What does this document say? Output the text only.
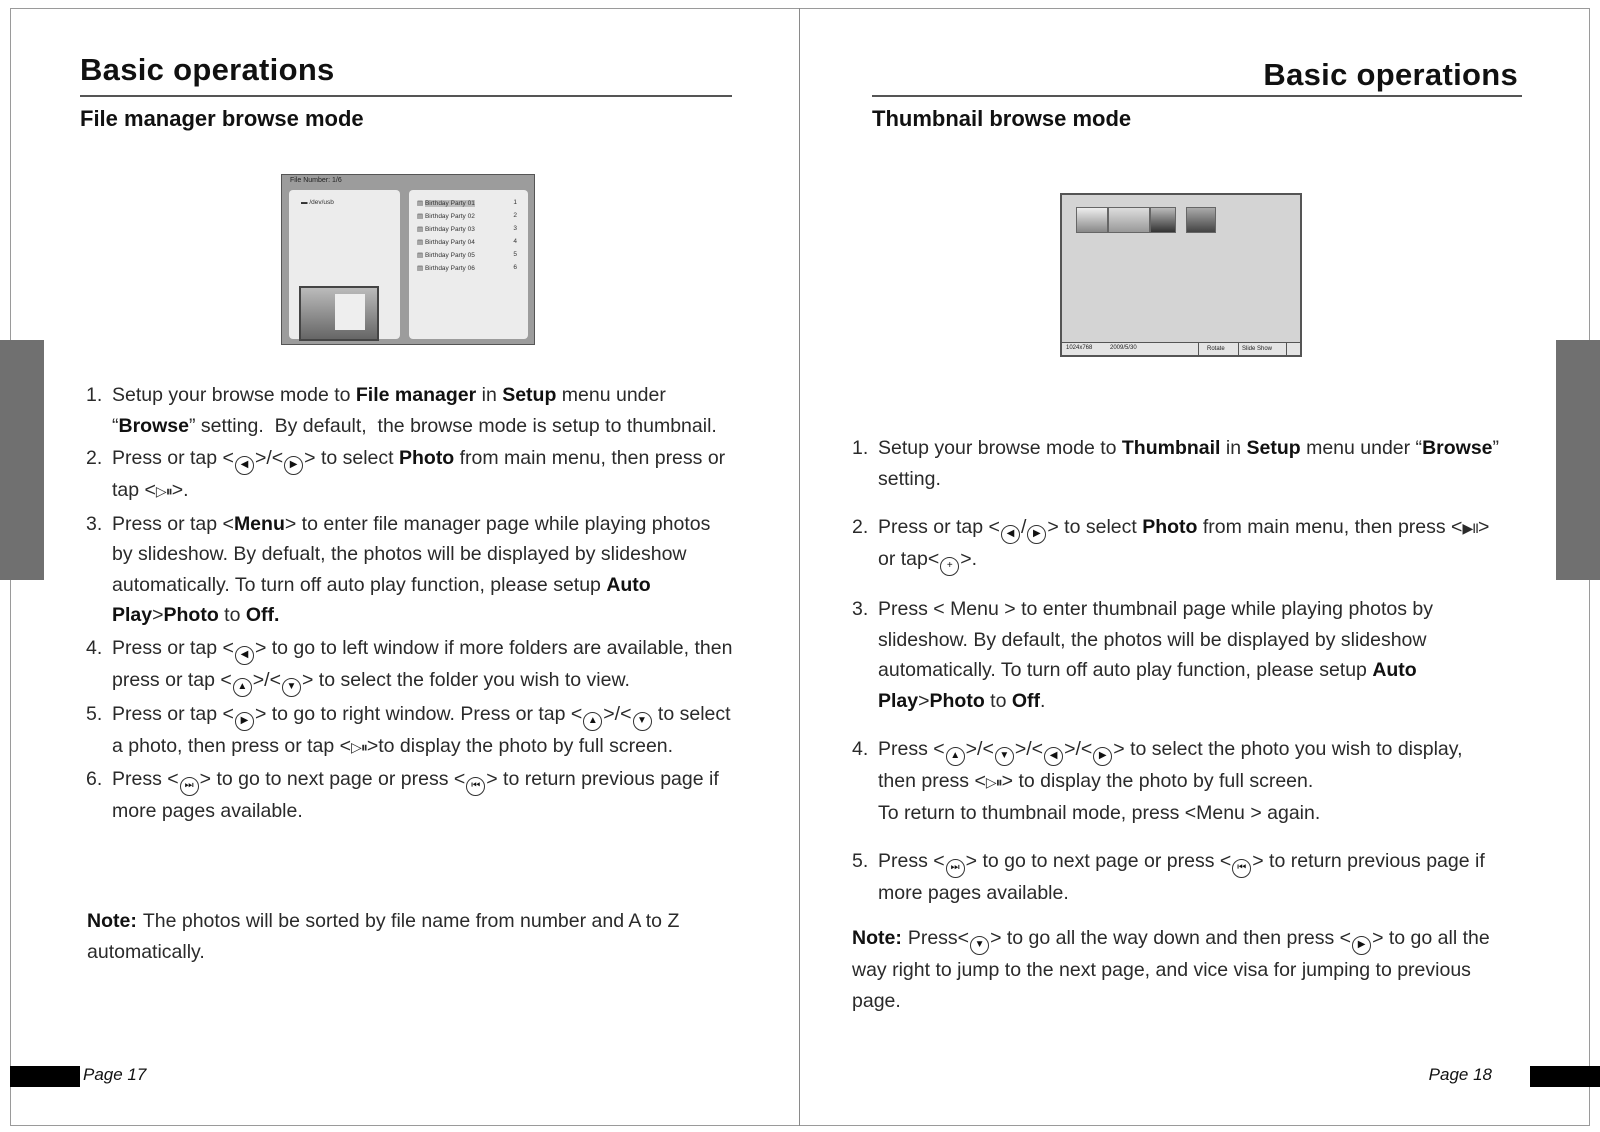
Basic operations
File manager browse mode
File Number: 1/6
▬ /dev/usb	▤ Birthday Party 01	1
▤ Birthday Party 02	2
▤ Birthday Party 03	3
▤ Birthday Party 04	4
▤ Birthday Party 05	5
▤ Birthday Party 06	6
1. Setup your browse mode to File manager in Setup menu under “Browse” setting.  By default,  the browse mode is setup to thumbnail.
2. Press or tap < ◀ >/< ▶ > to select Photo from main menu, then press or tap <▷⏸>.
3. Press or tap <Menu> to enter file manager page while playing photos by slideshow. By defualt, the photos will be displayed by slideshow automatically. To turn off auto play function, please setup Auto Play>Photo to Off.
4. Press or tap < ◀ > to go to left window if more folders are available, then press or tap < ▲ >/< ▼ > to select the folder you wish to view.
5. Press or tap < ▶ > to go to right window. Press or tap < ▲ >/< ▼ to select a photo, then press or tap <▷⏸>to display the photo by full screen.
6. Press < ⏭ > to go to next page or press < ⏮ > to return previous page if more pages available.
Note: The photos will be sorted by file name from number and A to Z automatically.
Page 17
Basic operations
Thumbnail browse mode
1024x768	2009/5/30	Rotate	Slide Show
1. Setup your browse mode to Thumbnail in Setup menu under “Browse” setting.
2. Press or tap < ◀ / ▶ > to select Photo from main menu, then press <▶II> or tap< + >.
3. Press < Menu > to enter thumbnail page while playing photos by slideshow. By default, the photos will be displayed by slideshow automatically. To turn off auto play function, please setup Auto Play>Photo to Off.
4. Press < ▲ >/< ▼ >/< ◀ >/< ▶ > to select the photo you wish to display, then press <▷⏸> to display the photo by full screen.
To return to thumbnail mode, press <Menu > again.
5. Press < ⏭ > to go to next page or press < ⏮ > to return previous page if more pages available.
Note: Press< ▼ > to go all the way down and then press < ▶ > to go all the way right to jump to the next page, and vice visa for jumping to previous page.
Page 18
